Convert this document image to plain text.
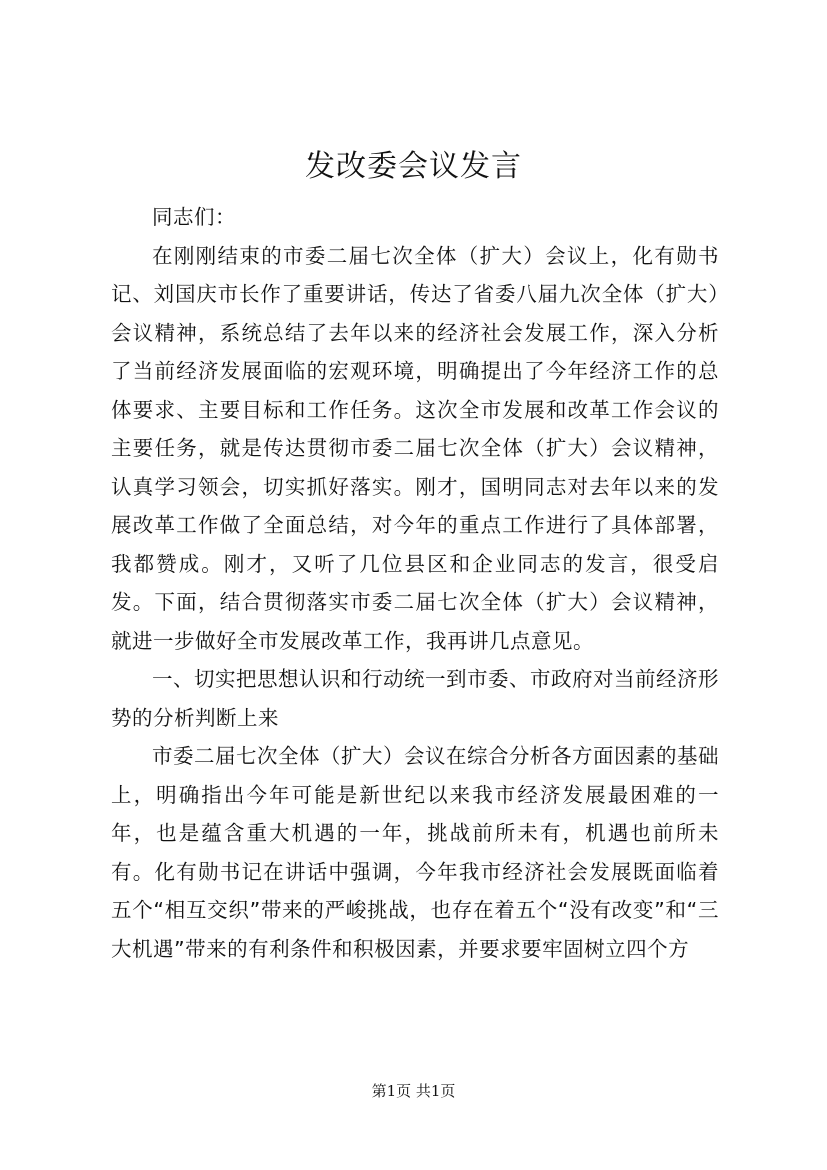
发改委会议发言

同志们：

在刚刚结束的市委二届七次全体（扩大）会议上，化有勋书记、刘国庆市长作了重要讲话，传达了省委八届九次全体（扩大）会议精神，系统总结了去年以来的经济社会发展工作，深入分析了当前经济发展面临的宏观环境，明确提出了今年经济工作的总体要求、主要目标和工作任务。这次全市发展和改革工作会议的主要任务，就是传达贯彻市委二届七次全体（扩大）会议精神，认真学习领会，切实抓好落实。刚才，国明同志对去年以来的发展改革工作做了全面总结，对今年的重点工作进行了具体部署，我都赞成。刚才，又听了几位县区和企业同志的发言，很受启发。下面，结合贯彻落实市委二届七次全体（扩大）会议精神，就进一步做好全市发展改革工作，我再讲几点意见。

一、切实把思想认识和行动统一到市委、市政府对当前经济形势的分析判断上来

市委二届七次全体（扩大）会议在综合分析各方面因素的基础上，明确指出今年可能是新世纪以来我市经济发展最困难的一年，也是蕴含重大机遇的一年，挑战前所未有，机遇也前所未有。化有勋书记在讲话中强调，今年我市经济社会发展既面临着五个“相互交织”带来的严峻挑战，也存在着五个“没有改变”和“三大机遇”带来的有利条件和积极因素，并要求要牢固树立四个方

第1页 共1页
